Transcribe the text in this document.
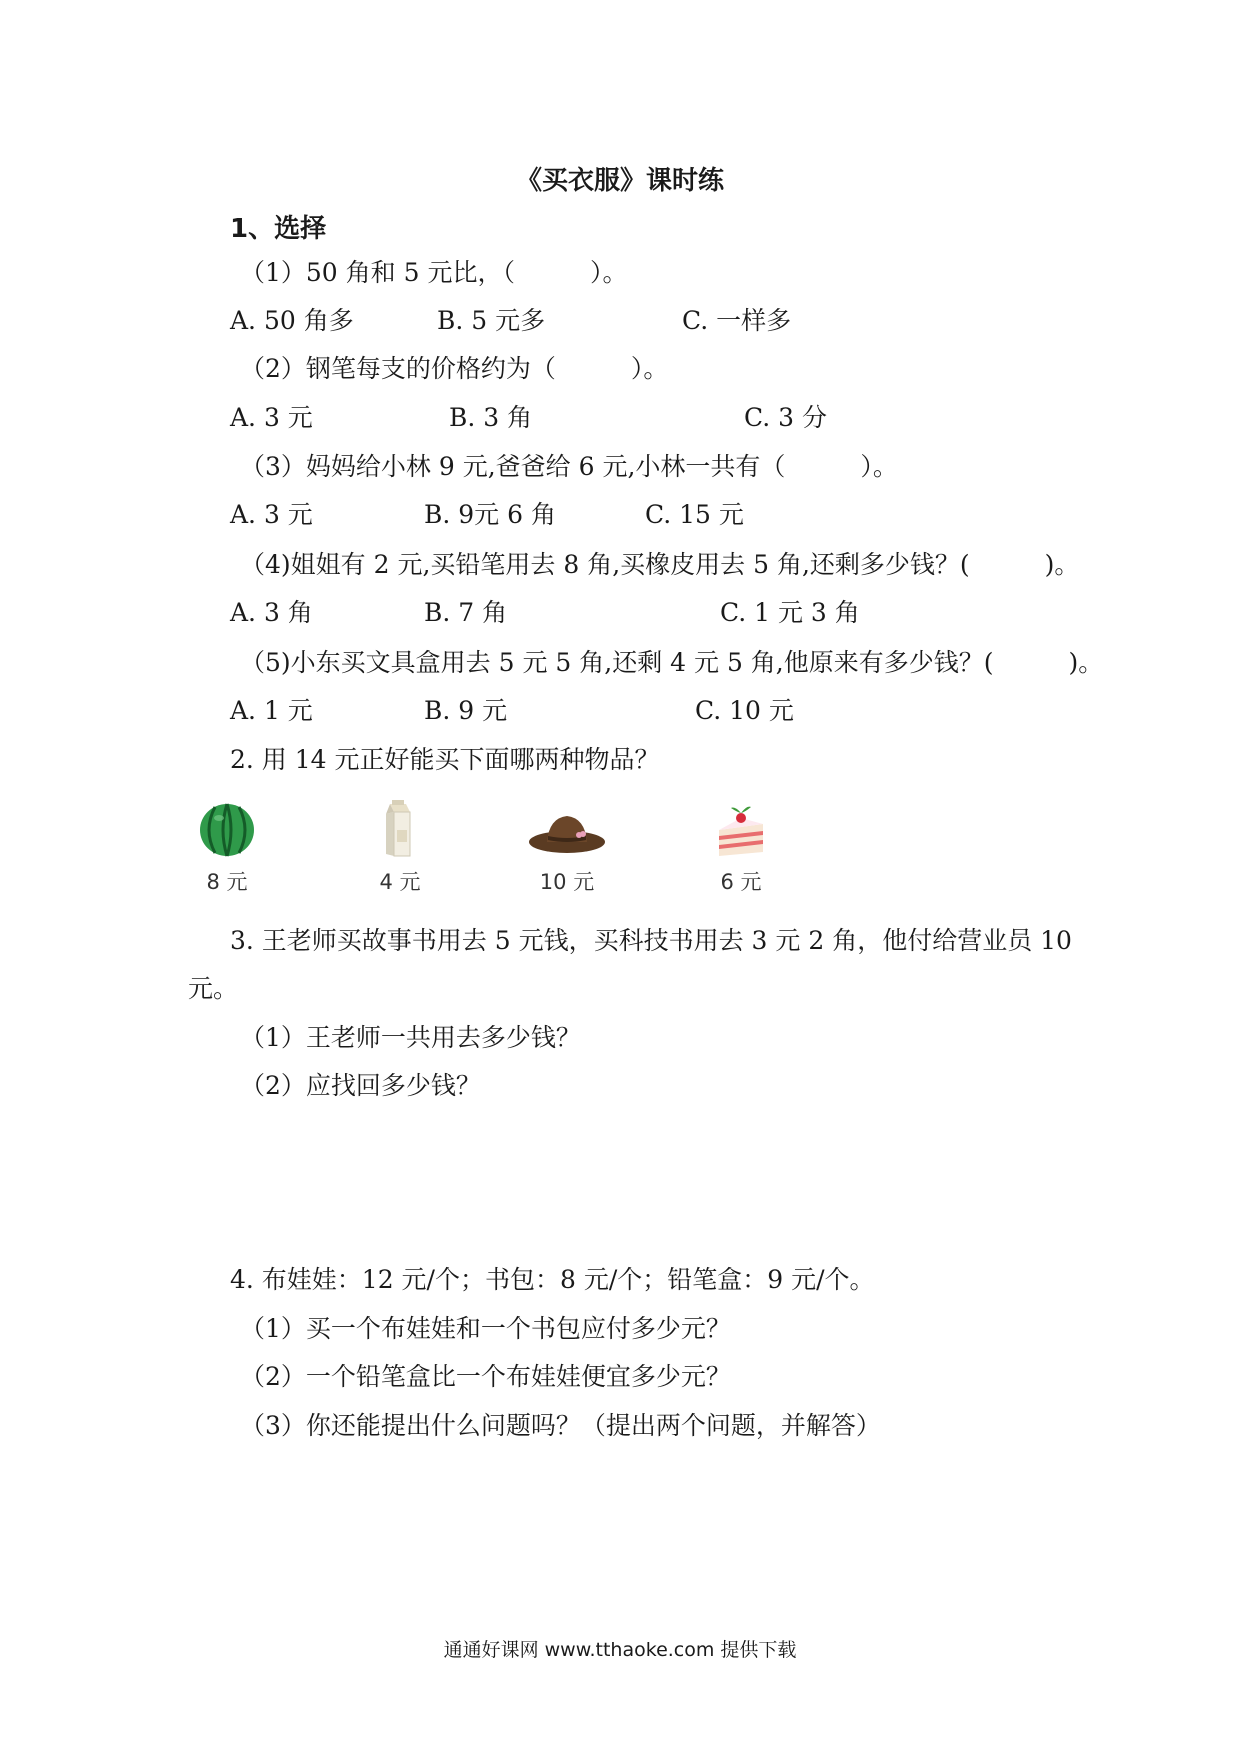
《买衣服》课时练
1、选择
（1）50 角和 5 元比，（　　　）。
A. 50 角多	B. 5 元多	C. 一样多
（2）钢笔每支的价格约为（　　　）。
A. 3 元	B. 3 角	C. 3 分
（3）妈妈给小林 9 元,爸爸给 6 元,小林一共有（　　　）。
A. 3 元	B. 9元 6 角	C. 15 元
（4)姐姐有 2 元,买铅笔用去 8 角,买橡皮用去 5 角,还剩多少钱？(　　　)。
A. 3 角	B. 7 角	C. 1 元 3 角
（5)小东买文具盒用去 5 元 5 角,还剩 4 元 5 角,他原来有多少钱？(　　　)。
A. 1 元	B. 9 元	C. 10 元
2. 用 14 元正好能买下面哪两种物品？
8 元	4 元	10 元	6 元
3. 王老师买故事书用去 5 元钱，买科技书用去 3 元 2 角，他付给营业员 10
元。
（1）王老师一共用去多少钱？
（2）应找回多少钱？
4. 布娃娃：12 元/个；书包：8 元/个；铅笔盒：9 元/个。
（1）买一个布娃娃和一个书包应付多少元？
（2）一个铅笔盒比一个布娃娃便宜多少元？
（3）你还能提出什么问题吗？（提出两个问题，并解答）
通通好课网 www.tthaoke.com 提供下载
